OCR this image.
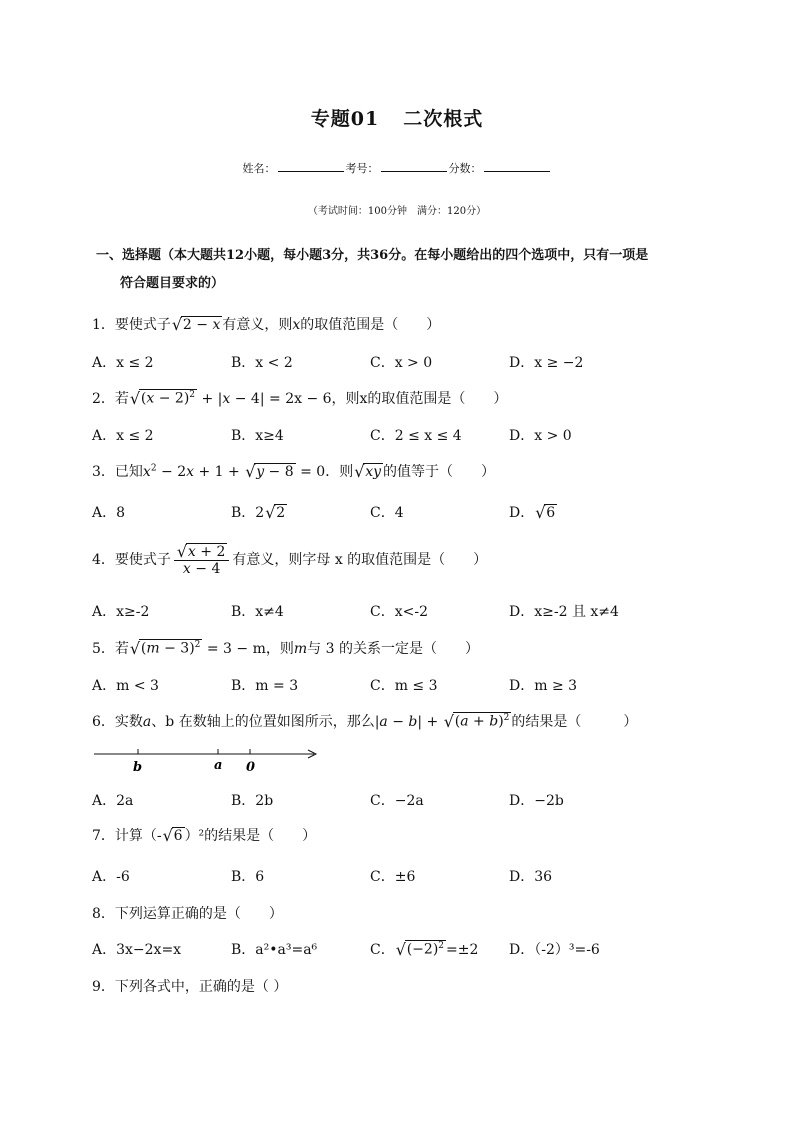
专题01 二次根式
姓名：	考号：	分数：
（考试时间：100分钟　满分：120分）
一、选择题（本大题共12小题，每小题3分，共36分。在每小题给出的四个选项中，只有一项是
符合题目要求的）
1．要使式子 √ 2 − x 有意义，则x的取值范围是（　　）
A．x ≤ 2	B．x < 2	C．x > 0	D．x ≥ −2
2．若 √ $(x - 2)^2 + |x - 4| = 2x - 6$，则x的取值范围是（　　）
A．x ≤ 2	B．x≥4	C．2 ≤ x ≤ 4	D．x > 0
3．已知$x^2 - 2x + 1$ + √ y − 8 = 0．则 √ xy 的值等于（　　）
A．8	B．2 √ 2	C．4	D． √ 6
4．要使式子 $\frac{√ x + 2}{x - 4}$ 有意义，则字母 x 的取值范围是（　　）
A．x≥-2	B．x≠4	C．x<-2	D．x≥-2 且 x≠4
5．若 √ $(m - 3)^2 = 3 - m$，则m与 3 的关系一定是（　　）
A．m < 3	B．m = 3	C．m ≤ 3	D．m ≥ 3
6．实数a、b 在数轴上的位置如图所示，那么|a − b| + √ $(a + b)^2$ 的结果是（　　　）
b	a 0
A．2a	B．2b	C．−2a	D．−2b
7．计算（- √ 6 ）²的结果是（　　）
A．-6	B．6	C．±6	D．36
8．下列运算正确的是（　　）
A．3x−2x=x	B．a²•a³=a⁶	C． √ $(-2)^2 =\pm 2$ D．（-2）³=-6
9．下列各式中，正确的是（ ）
